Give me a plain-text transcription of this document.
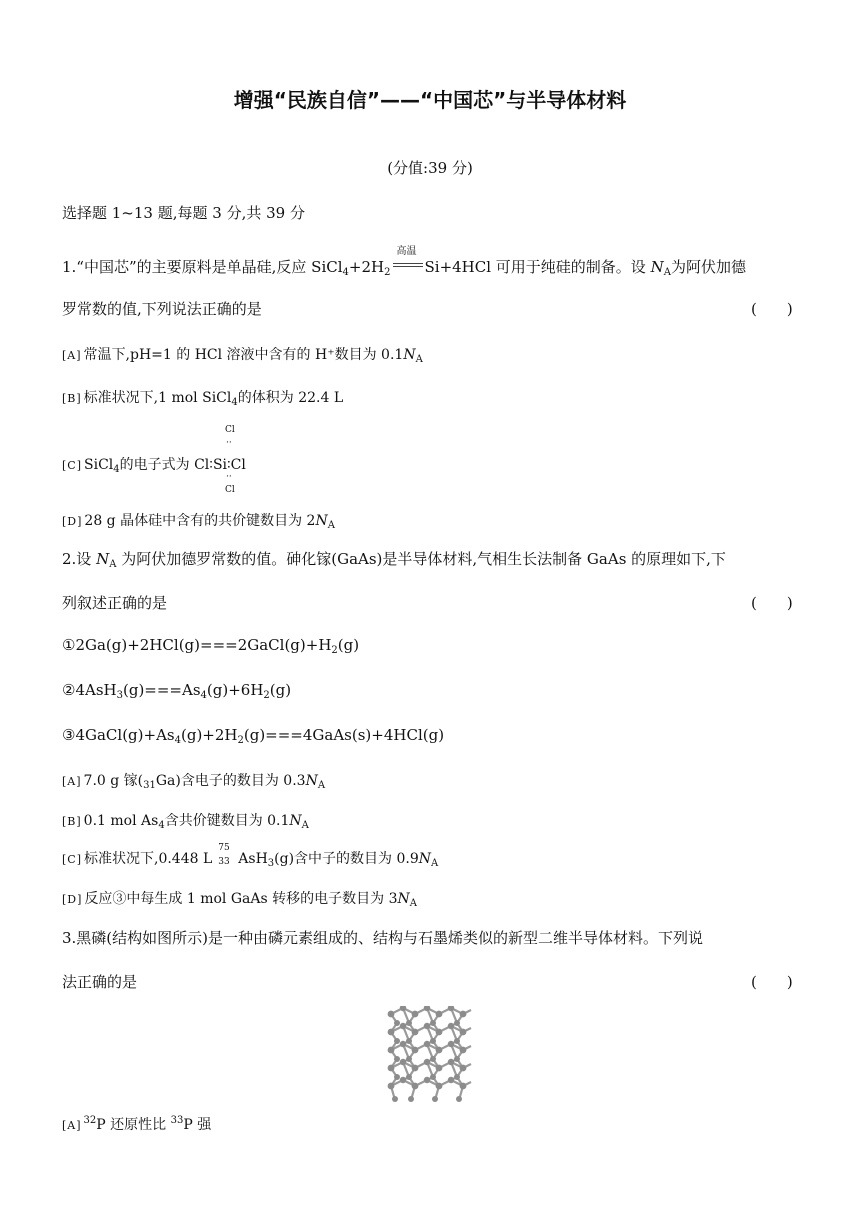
增强“民族自信”——“中国芯”与半导体材料
(分值:39 分)
选择题 1~13 题,每题 3 分,共 39 分
1.“中国芯”的主要原料是单晶硅,反应 $SiCl_4+2H_2$
高温
Si+4HCl 可用于纯硅的制备。设 $N_A$为阿伏加德
罗常数的值,下列说法正确的是	(　　)
[A] 常温下,pH=1 的 HCl 溶液中含有的 H⁺数目为 $0.1N_A$
[B] 标准状况下,1 mol SiCl$_4$的体积为 22.4 L
[C] SiCl$_4$的电子式为 Cl∶Si∶Cl
Cl
··
··
Cl
[D] 28 g 晶体硅中含有的共价键数目为 $2N_A$
2.设 $N_A$ 为阿伏加德罗常数的值。砷化镓(GaAs)是半导体材料,气相生长法制备 GaAs 的原理如下,下
列叙述正确的是	(　　)
$①2Ga(g)+2HCl(g)===2GaCl(g)+H_2(g)$
$②4AsH_3(g)===As_4(g)+6H_2(g)$
$③4GaCl(g)+As_4(g)+2H_2(g)===4GaAs(s)+4HCl(g)$
[A] 7.0 g 镓$(_{31}Ga)$含电子的数目为 $0.3N_A$
[B] 0.1 mol $As_4$含共价键数目为 $0.1N_A$
[C] 标准状况下,0.448 L
75
33 AsH$_3$(g)含中子的数目为 $0.9N_A$
[D] 反应③中每生成 1 mol GaAs 转移的电子数目为 $3N_A$
3.黑磷(结构如图所示)是一种由磷元素组成的、结构与石墨烯类似的新型二维半导体材料。下列说
法正确的是	(　　)
[A] $^{32}$P 还原性比 $^{33}$P 强
